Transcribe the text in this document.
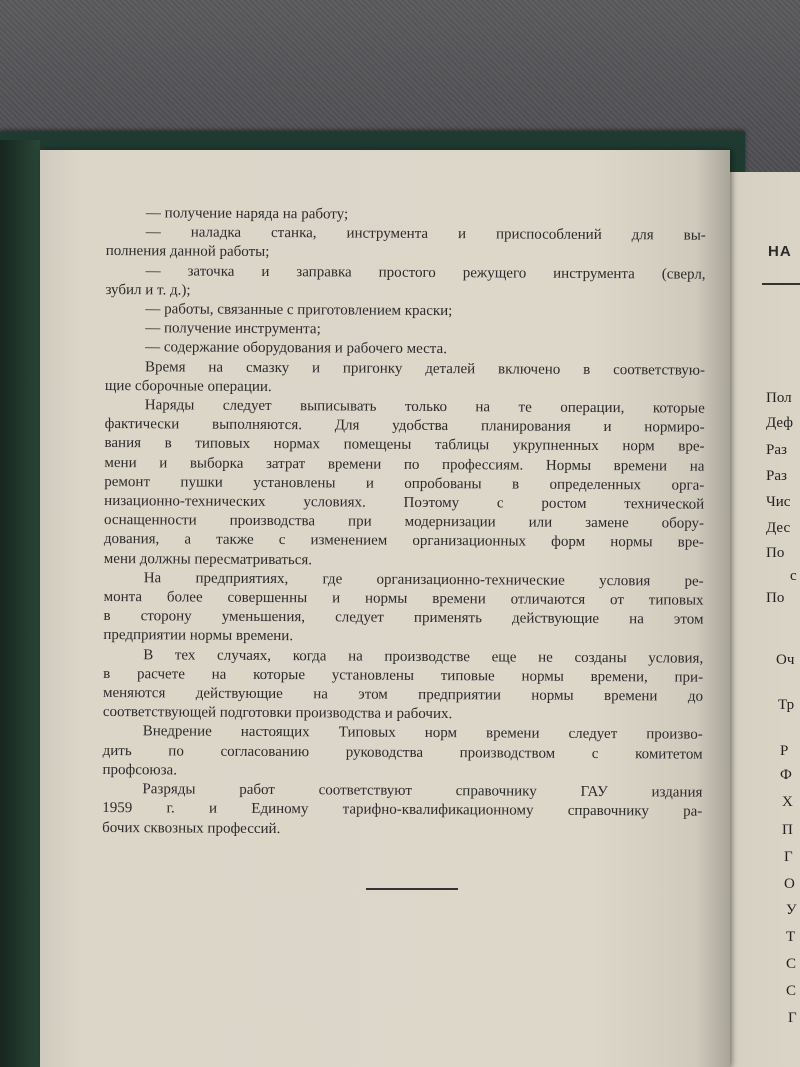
НА
Пол
Деф
Раз
Раз
Чис
Дес
По
с
По
Оч
Тр
Р
Ф
Х
П
Г
О
У
Т
С
С
Г
— получение наряда на работу;
— наладка станка, инструмента и приспособлений для вы-
полнения данной работы;
— заточка и заправка простого режущего инструмента (сверл,
зубил и т. д.);
— работы, связанные с приготовлением краски;
— получение инструмента;
— содержание оборудования и рабочего места.
Время на смазку и пригонку деталей включено в соответствую-
щие сборочные операции.
Наряды следует выписывать только на те операции, которые
фактически выполняются. Для удобства планирования и нормиро-
вания в типовых нормах помещены таблицы укрупненных норм вре-
мени и выборка затрат времени по профессиям. Нормы времени на
ремонт пушки установлены и опробованы в определенных орга-
низационно-технических условиях. Поэтому с ростом технической
оснащенности производства при модернизации или замене обору-
дования, а также с изменением организационных форм нормы вре-
мени должны пересматриваться.
На предприятиях, где организационно-технические условия ре-
монта более совершенны и нормы времени отличаются от типовых
в сторону уменьшения, следует применять действующие на этом
предприятии нормы времени.
В тех случаях, когда на производстве еще не созданы условия,
в расчете на которые установлены типовые нормы времени, при-
меняются действующие на этом предприятии нормы времени до
соответствующей подготовки производства и рабочих.
Внедрение настоящих Типовых норм времени следует произво-
дить по согласованию руководства производством с комитетом
профсоюза.
Разряды работ соответствуют справочнику ГАУ издания
1959 г. и Единому тарифно-квалификационному справочнику ра-
бочих сквозных профессий.
